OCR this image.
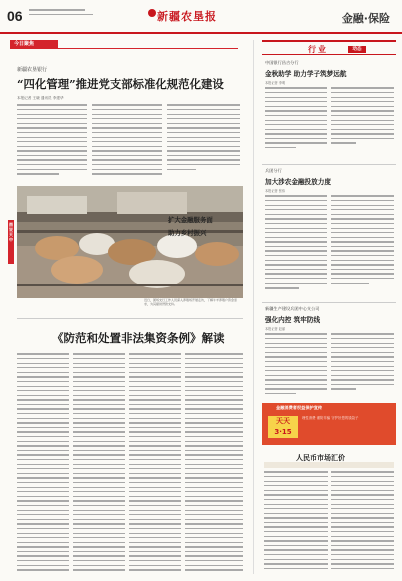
06	新疆农垦报	金融·保险
今日聚焦
新疆农垦银行
“四化管理”推进党支部标准化规范化建设
本报记者 王晓 通讯员 李建华
图说天中
扩大金融服务面
助力乡村振兴
近日，团场支行工作人员深入养殖场开展走访，了解牛羊养殖户资金需求，为其提供贷款支持。
《防范和处置非法集资条例》解读
行业	动态
中国银行昌吉分行
金秋助学 助力学子筑梦远航
本报记者 李明
兵团分行
加大涉农金融投放力度
本报记者 张伟
新疆生产建设兵团中心支公司
强化内控 筑牢防线
本报记者 赵丽
金融消费者权益保护宣传
天天3·15
理性消费 谨防诈骗 守护好您的钱袋子
人民币市场汇价
